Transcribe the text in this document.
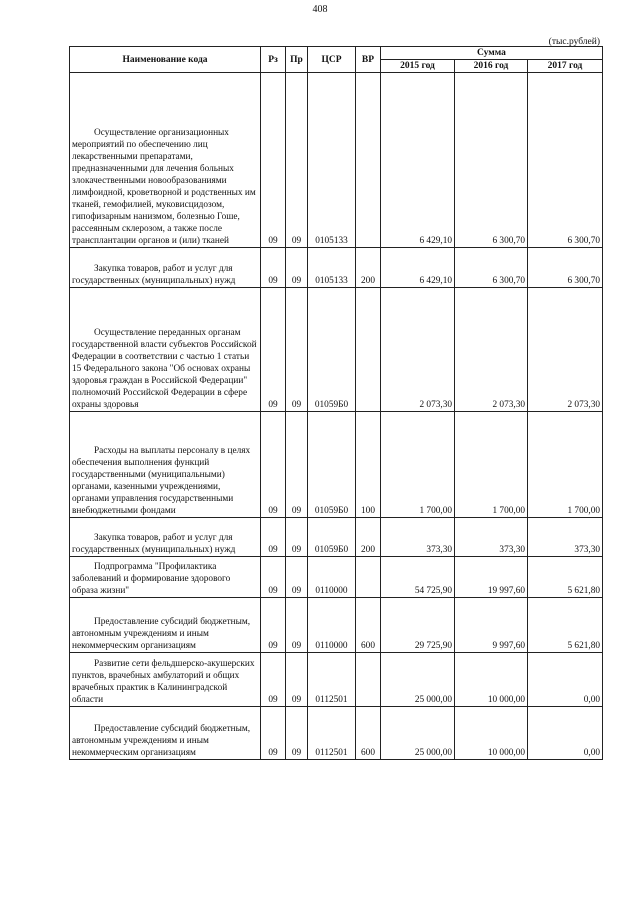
408
(тыс.рублей)
Наименование кода	Рз	Пр	ЦСР	ВР	Сумма		
					2015 год	2016 год	2017 год
Осуществление организационных мероприятий по обеспечению лиц лекарственными препаратами, предназначенными для лечения больных злокачественными новообразованиями лимфоидной, кроветворной и родственных им тканей, гемофилией, муковисцидозом, гипофизарным нанизмом, болезнью Гоше, рассеянным склерозом, а также после трансплантации органов и (или) тканей	09	09	0105133		6 429,10	6 300,70	6 300,70
Закупка товаров, работ и услуг для государственных (муниципальных) нужд	09	09	0105133	200	6 429,10	6 300,70	6 300,70
Осуществление переданных органам государственной власти субъектов Российской Федерации в соответствии с частью 1 статьи 15 Федерального закона "Об основах охраны здоровья граждан в Российской Федерации" полномочий Российской Федерации в сфере охраны здоровья	09	09	01059Б0		2 073,30	2 073,30	2 073,30
Расходы на выплаты персоналу в целях обеспечения выполнения функций государственными (муниципальными) органами, казенными учреждениями, органами управления государственными внебюджетными фондами	09	09	01059Б0	100	1 700,00	1 700,00	1 700,00
Закупка товаров, работ и услуг для государственных (муниципальных) нужд	09	09	01059Б0	200	373,30	373,30	373,30
Подпрограмма "Профилактика заболеваний и формирование здорового образа жизни"	09	09	0110000		54 725,90	19 997,60	5 621,80
Предоставление субсидий бюджетным, автономным учреждениям и иным некоммерческим организациям	09	09	0110000	600	29 725,90	9 997,60	5 621,80
Развитие сети фельдшерско-акушерских пунктов, врачебных амбулаторий и общих врачебных практик в Калининградской области	09	09	0112501		25 000,00	10 000,00	0,00
Предоставление субсидий бюджетным, автономным учреждениям и иным некоммерческим организациям	09	09	0112501	600	25 000,00	10 000,00	0,00
